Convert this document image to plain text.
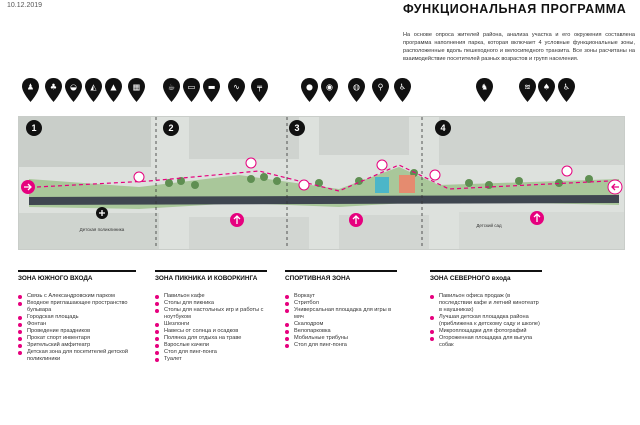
10.12.2019	ФУНКЦИОНАЛЬНАЯ ПРОГРАММА
На основе опроса жителей района, анализа участка и его окружения составлена программа наполнения парка, которая включает 4 условные функциональные зоны, расположенные вдоль пешеходного и велосипедного транзита. Все зоны расчитаны на взаимодействие посетителей разных возрастов и групп населения.
♟ ♣ ◒ ◭ ▲ ▦	☕ ▭ ▬ ∿ ╤	● ◉	◍ ⚲ ♿	♞	≋ ♠ ♿
1	2	3	4
Детская поликлиника
Детский сад
ЗОНА ЮЖНОГО ВХОДА
Связь с Александровским парком
Входное приглашающее пространство бульвара
Городская площадь
Фонтан
Проведение праздников
Прокат спорт инвентаря
Зрительский амфитеатр
Детская зона для посетителей детской поликлиники
ЗОНА ПИКНИКА И КОВОРКИНГА
Павильон кафе
Столы для пикника
Столы для настольных игр и работы с ноутбуком
Шезлонги
Навесы от солнца и осадков
Полянка для отдыха на траве
Взрослые качели
Стол для пинг-понга
Туалет
СПОРТИВНАЯ ЗОНА
Воркаут
Стритбол
Универсальная площадка для игры в мяч
Скалодром
Велопарковка
Мобильные трибуны
Стол для пинг-понга
ЗОНА СЕВЕРНОГО входа
Павильон офиса продаж (в последствии кафе и летний кинотеатр в наушниках)
Лучшая детская площадка района (приближена к детскому саду и школе)
Микроплощадки для фотографий
Огороженная площадка для выгула собак
